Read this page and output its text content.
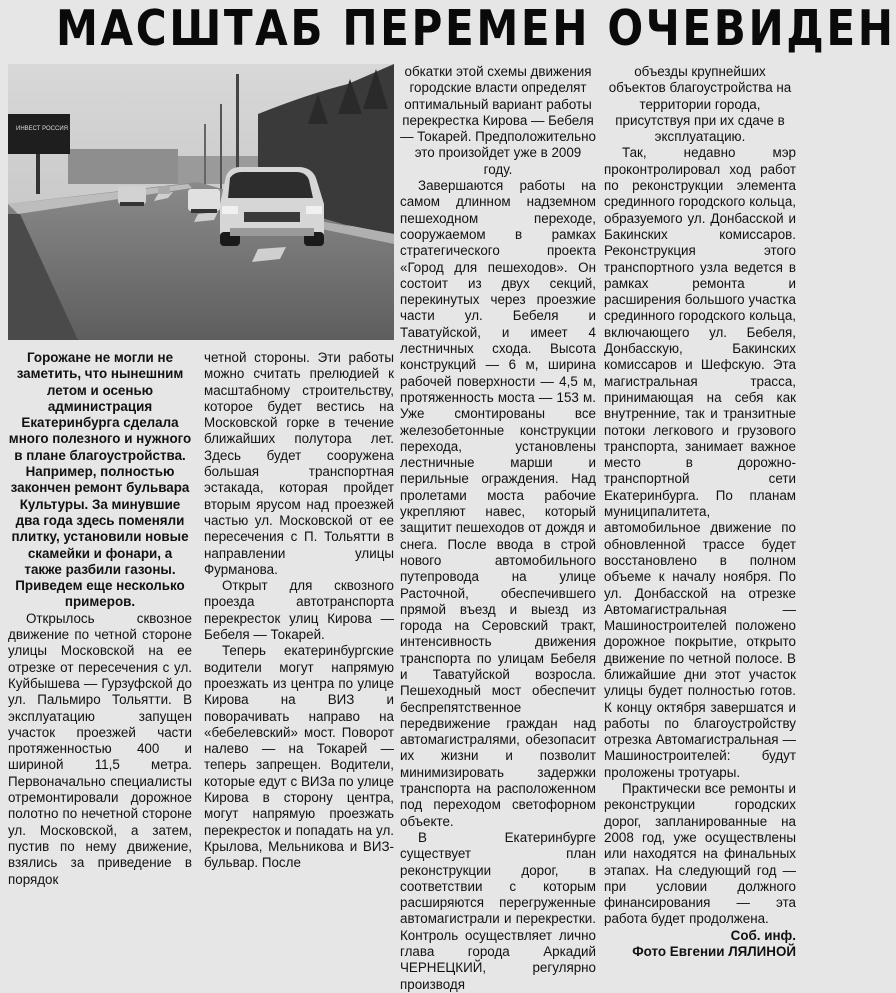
МАСШТАБ ПЕРЕМЕН ОЧЕВИДЕН
ИНВЕСТ РОССИЯ

Горожане не могли не заметить, что нынешним летом и осенью администрация Екатеринбурга сделала много полезного и нужного в плане благоустройства. Например, полностью закончен ремонт бульвара Культуры. За минувшие два года здесь поменяли плитку, установили новые скамейки и фонари, а также разбили газоны. Приведем еще несколько примеров.

Открылось сквозное движение по четной стороне улицы Московской на ее отрезке от пересечения с ул. Куйбышева — Гурзуфской до ул. Пальмиро Тольятти. В эксплуатацию запущен участок проезжей части протяженностью 400 и шириной 11,5 метра. Первоначально специалисты отремонтировали дорожное полотно по нечетной стороне ул. Московской, а затем, пустив по нему движение, взялись за приведение в порядок

четной стороны. Эти работы можно считать прелюдией к масштабному строительству, которое будет вестись на Московской горке в течение ближайших полутора лет. Здесь будет сооружена большая транспортная эстакада, которая пройдет вторым ярусом над проезжей частью ул. Московской от ее пересечения с П. Тольятти в направлении улицы Фурманова.

Открыт для сквозного проезда автотранспорта перекресток улиц Кирова — Бебеля — Токарей.

Теперь екатеринбургские водители могут напрямую проезжать из центра по улице Кирова на ВИЗ и поворачивать направо на «бебелевский» мост. Поворот налево — на Токарей — теперь запрещен. Водители, которые едут с ВИЗа по улице Кирова в сторону центра, могут напрямую проезжать перекресток и попадать на ул. Крылова, Мельникова и ВИЗ-бульвар. После

обкатки этой схемы движения городские власти определят оптимальный вариант работы перекрестка Кирова — Бебеля — Токарей. Предположительно это произойдет уже в 2009 году.

Завершаются работы на самом длинном надземном пешеходном переходе, сооружаемом в рамках стратегического проекта «Город для пешеходов». Он состоит из двух секций, перекинутых через проезжие части ул. Бебеля и Таватуйской, и имеет 4 лестничных схода. Высота конструкций — 6 м, ширина рабочей поверхности — 4,5 м, протяженность моста — 153 м. Уже смонтированы все железобетонные конструкции перехода, установлены лестничные марши и перильные ограждения. Над пролетами моста рабочие укрепляют навес, который защитит пешеходов от дождя и снега. После ввода в строй нового автомобильного путепровода на улице Расточной, обеспечившего прямой въезд и выезд из города на Серовский тракт, интенсивность движения транспорта по улицам Бебеля и Таватуйской возросла. Пешеходный мост обеспечит беспрепятственное передвижение граждан над автомагистралями, обезопасит их жизни и позволит минимизировать задержки транспорта на расположенном под переходом светофорном объекте.

В Екатеринбурге существует план реконструкции дорог, в соответствии с которым расширяются перегруженные автомагистрали и перекрестки. Контроль осуществляет лично глава города Аркадий ЧЕРНЕЦКИЙ, регулярно производя

объезды крупнейших объектов благоустройства на территории города, присутствуя при их сдаче в эксплуатацию.

Так, недавно мэр проконтролировал ход работ по реконструкции элемента срединного городского кольца, образуемого ул. Донбасской и Бакинских комиссаров. Реконструкция этого транспортного узла ведется в рамках ремонта и расширения большого участка срединного городского кольца, включающего ул. Бебеля, Донбасскую, Бакинских комиссаров и Шефскую. Эта магистральная трасса, принимающая на себя как внутренние, так и транзитные потоки легкового и грузового транспорта, занимает важное место в дорожно-транспортной сети Екатеринбурга. По планам муниципалитета, автомобильное движение по обновленной трассе будет восстановлено в полном объеме к началу ноября. По ул. Донбасской на отрезке Автомагистральная — Машиностроителей положено дорожное покрытие, открыто движение по четной полосе. В ближайшие дни этот участок улицы будет полностью готов. К концу октября завершатся и работы по благоустройству отрезка Автомагистральная — Машиностроителей: будут проложены тротуары.

Практически все ремонты и реконструкции городских дорог, запланированные на 2008 год, уже осуществлены или находятся на финальных этапах. На следующий год — при условии должного финансирования — эта работа будет продолжена.

Соб. инф.
Фото Евгении ЛЯЛИНОЙ
